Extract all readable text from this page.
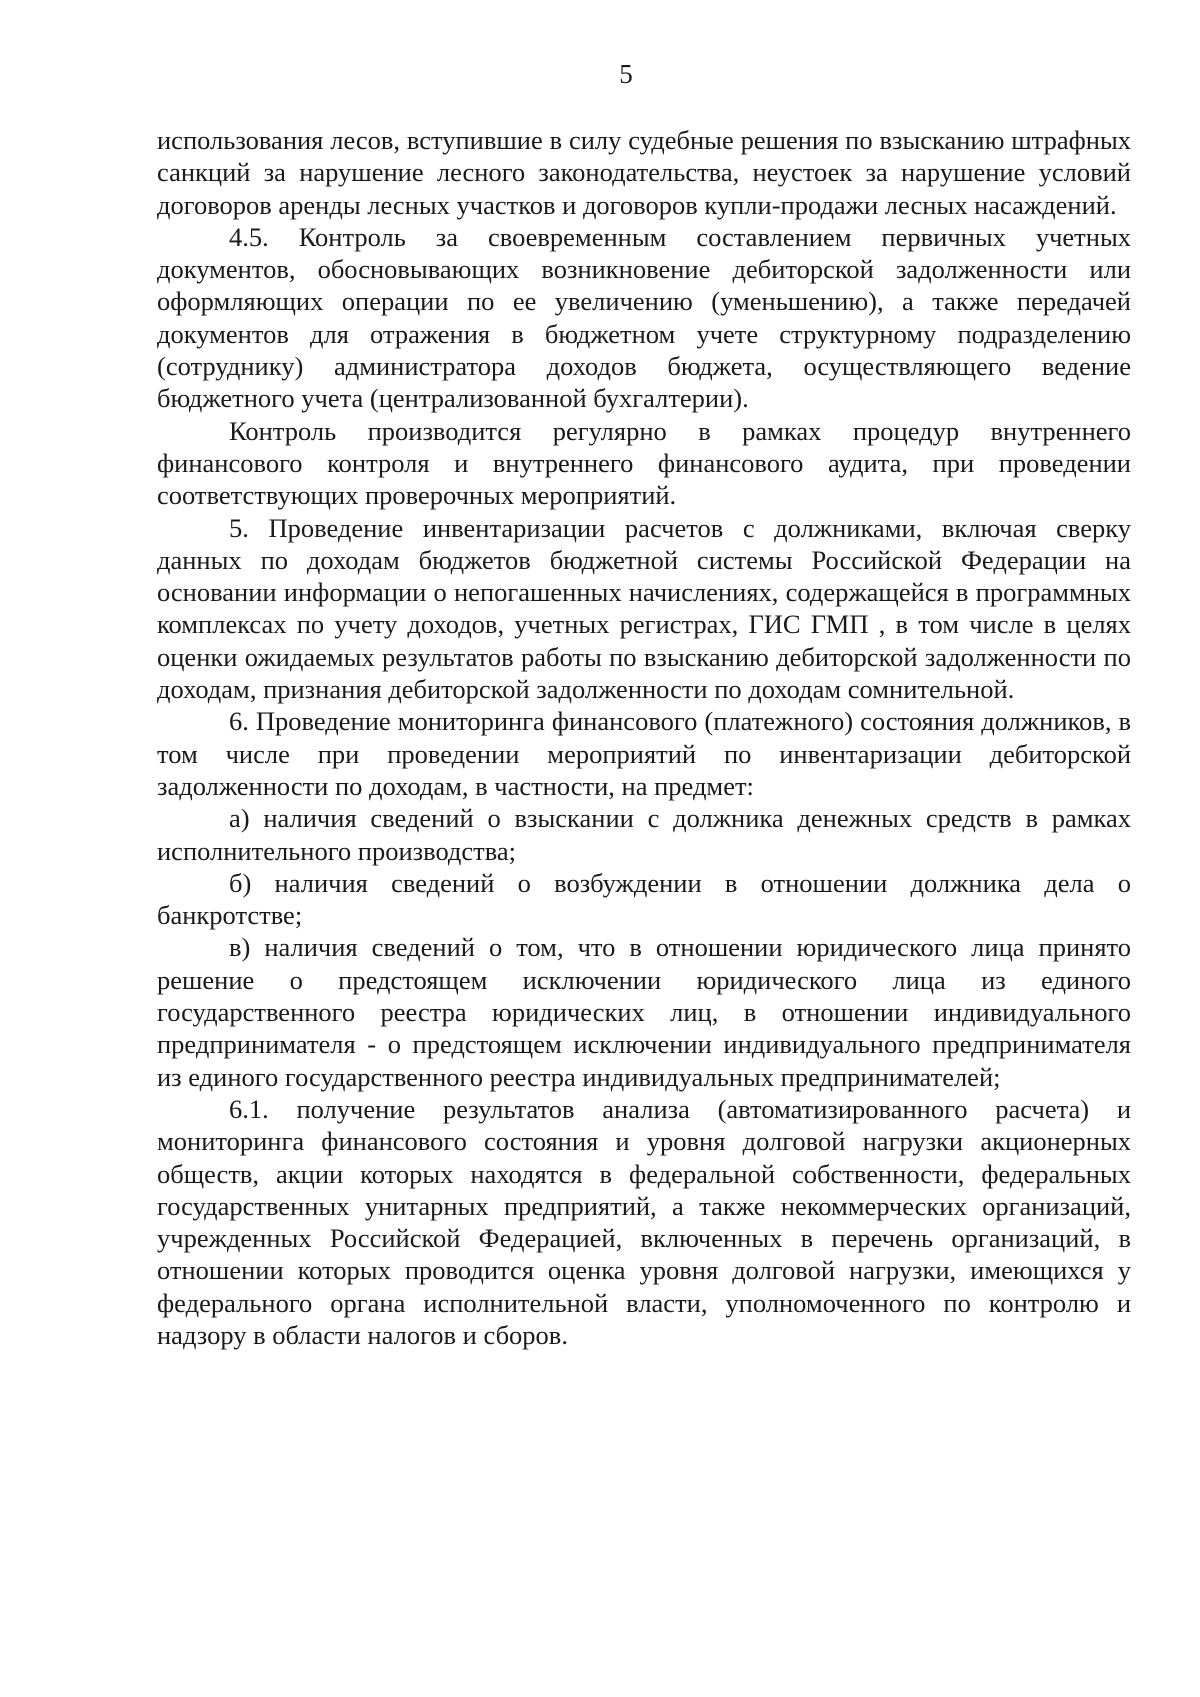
5

использования лесов, вступившие в силу судебные решения по взысканию штрафных санкций за нарушение лесного законодательства, неустоек за нарушение условий договоров аренды лесных участков и договоров купли-продажи лесных насаждений.

4.5. Контроль за своевременным составлением первичных учетных документов, обосновывающих возникновение дебиторской задолженности или оформляющих операции по ее увеличению (уменьшению), а также передачей документов для отражения в бюджетном учете структурному подразделению (сотруднику) администратора доходов бюджета, осуществляющего ведение бюджетного учета (централизованной бухгалтерии).

Контроль производится регулярно в рамках процедур внутреннего финансового контроля и внутреннего финансового аудита, при проведении соответствующих проверочных мероприятий.

5. Проведение инвентаризации расчетов с должниками, включая сверку данных по доходам бюджетов бюджетной системы Российской Федерации на основании информации о непогашенных начислениях, содержащейся в программных комплексах по учету доходов, учетных регистрах, ГИС ГМП , в том числе в целях оценки ожидаемых результатов работы по взысканию дебиторской задолженности по доходам, признания дебиторской задолженности по доходам сомнительной.

6. Проведение мониторинга финансового (платежного) состояния должников, в том числе при проведении мероприятий по инвентаризации дебиторской задолженности по доходам, в частности, на предмет:

а) наличия сведений о взыскании с должника денежных средств в рамках исполнительного производства;

б) наличия сведений о возбуждении в отношении должника дела о банкротстве;

в) наличия сведений о том, что в отношении юридического лица принято решение о предстоящем исключении юридического лица из единого государственного реестра юридических лиц, в отношении индивидуального предпринимателя - о предстоящем исключении индивидуального предпринимателя из единого государственного реестра индивидуальных предпринимателей;

6.1. получение результатов анализа (автоматизированного расчета) и мониторинга финансового состояния и уровня долговой нагрузки акционерных обществ, акции которых находятся в федеральной собственности, федеральных государственных унитарных предприятий, а также некоммерческих организаций, учрежденных Российской Федерацией, включенных в перечень организаций, в отношении которых проводится оценка уровня долговой нагрузки, имеющихся у федерального органа исполнительной власти, уполномоченного по контролю и надзору в области налогов и сборов.
